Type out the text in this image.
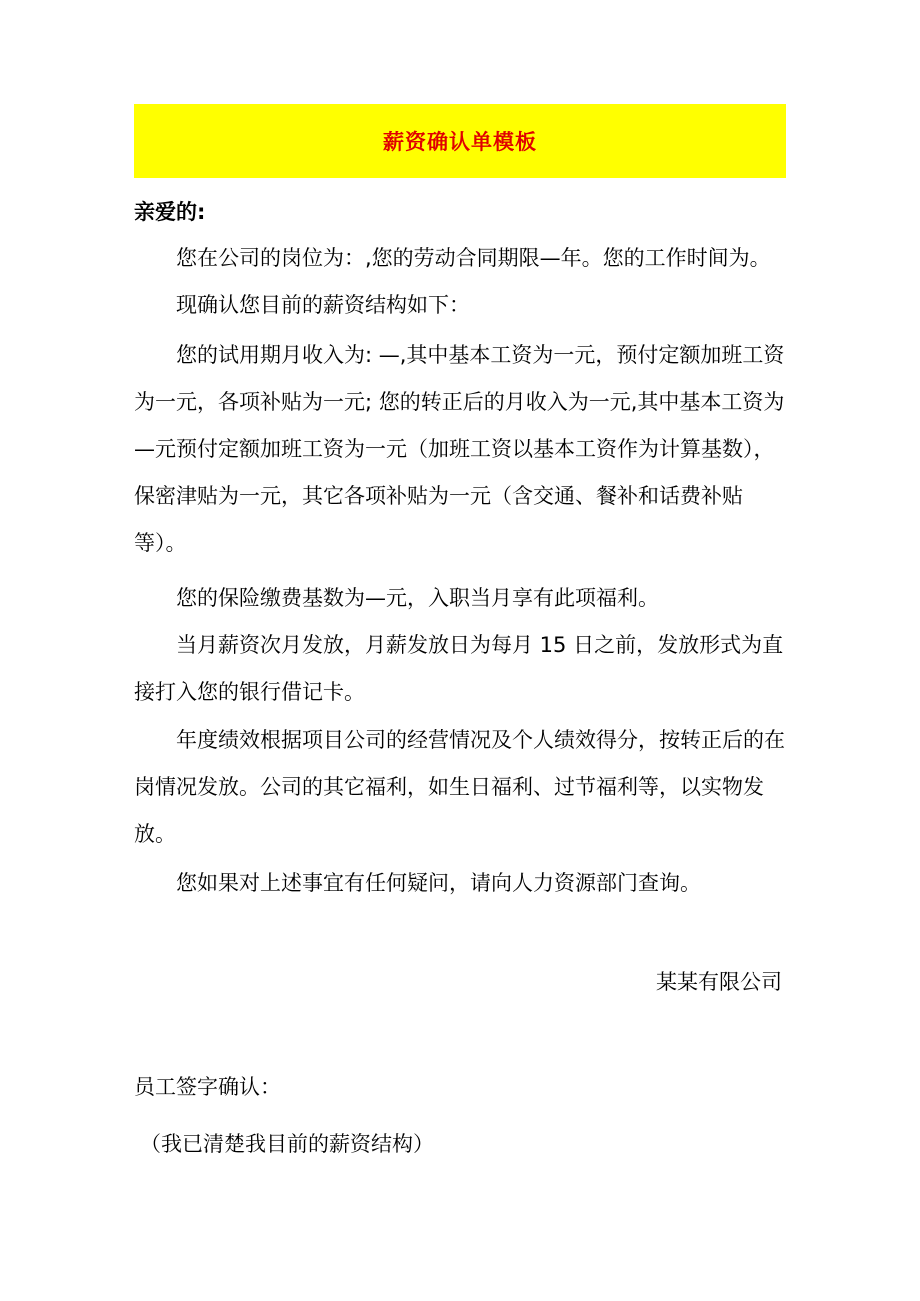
薪资确认单模板
亲爱的:

您在公司的岗位为：,您的劳动合同期限—年。您的工作时间为。

现确认您目前的薪资结构如下：

您的试用期月收入为: —,其中基本工资为一元，预付定额加班工资为一元，各项补贴为一元; 您的转正后的月收入为一元,其中基本工资为—元预付定额加班工资为一元（加班工资以基本工资作为计算基数），保密津贴为一元，其它各项补贴为一元（含交通、餐补和话费补贴等）。

您的保险缴费基数为—元，入职当月享有此项福利。

当月薪资次月发放，月薪发放日为每月 15 日之前，发放形式为直接打入您的银行借记卡。

年度绩效根据项目公司的经营情况及个人绩效得分，按转正后的在岗情况发放。公司的其它福利，如生日福利、过节福利等，以实物发放。

您如果对上述事宜有任何疑问，请向人力资源部门查询。

某某有限公司
员工签字确认：
（我已清楚我目前的薪资结构）
